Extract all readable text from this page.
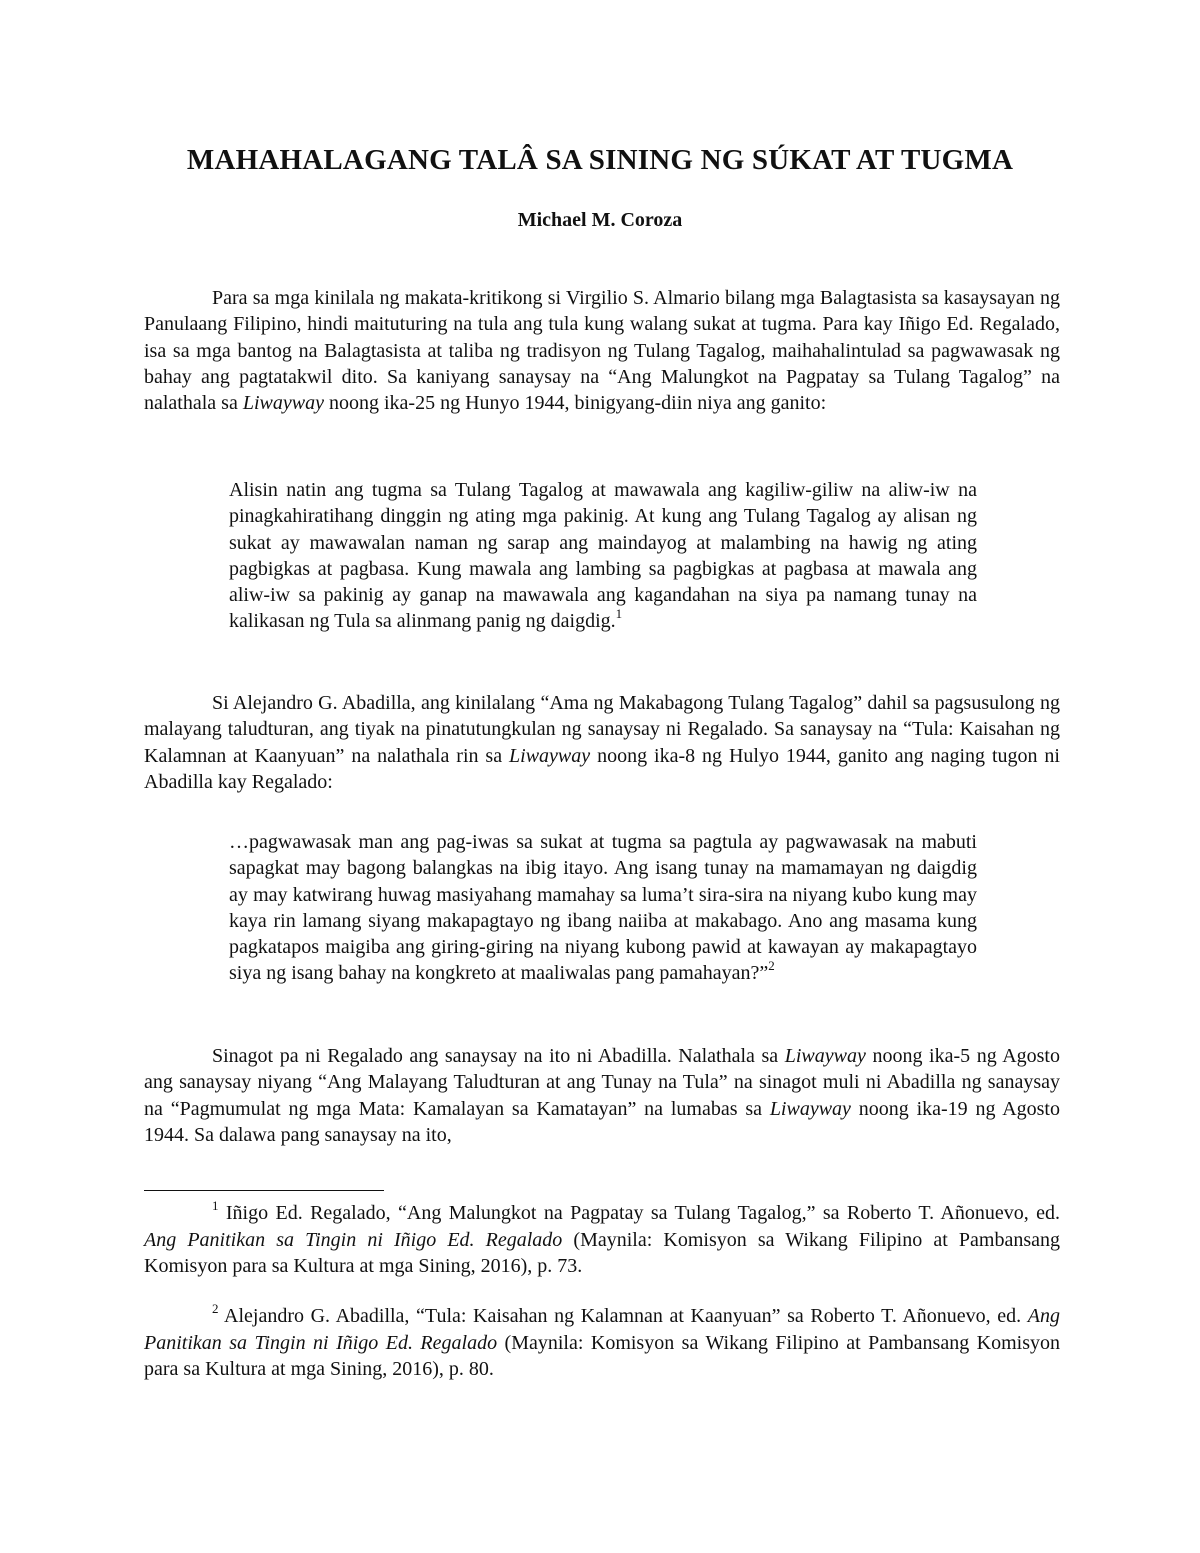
MAHAHALAGANG TALÂ SA SINING NG SÚKAT AT TUGMA
Michael M. Coroza

Para sa mga kinilala ng makata-kritikong si Virgilio S. Almario bilang mga Balagtasista sa kasaysayan ng Panulaang Filipino, hindi maituturing na tula ang tula kung walang sukat at tugma. Para kay Iñigo Ed. Regalado, isa sa mga bantog na Balagtasista at taliba ng tradisyon ng Tulang Tagalog, maihahalintulad sa pagwawasak ng bahay ang pagtatakwil dito. Sa kaniyang sanaysay na “Ang Malungkot na Pagpatay sa Tulang Tagalog” na nalathala sa Liwayway noong ika-25 ng Hunyo 1944, binigyang-diin niya ang ganito:

Alisin natin ang tugma sa Tulang Tagalog at mawawala ang kagiliw-giliw na aliw-iw na pinagkahiratihang dinggin ng ating mga pakinig. At kung ang Tulang Tagalog ay alisan ng sukat ay mawawalan naman ng sarap ang maindayog at malambing na hawig ng ating pagbigkas at pagbasa. Kung mawala ang lambing sa pagbigkas at pagbasa at mawala ang aliw-iw sa pakinig ay ganap na mawawala ang kagandahan na siya pa namang tunay na kalikasan ng Tula sa alinmang panig ng daigdig.$^1$

Si Alejandro G. Abadilla, ang kinilalang “Ama ng Makabagong Tulang Tagalog” dahil sa pagsusulong ng malayang taludturan, ang tiyak na pinatutungkulan ng sanaysay ni Regalado. Sa sanaysay na “Tula: Kaisahan ng Kalamnan at Kaanyuan” na nalathala rin sa Liwayway noong ika-8 ng Hulyo 1944, ganito ang naging tugon ni Abadilla kay Regalado:

…pagwawasak man ang pag-iwas sa sukat at tugma sa pagtula ay pagwawasak na mabuti sapagkat may bagong balangkas na ibig itayo. Ang isang tunay na mamamayan ng daigdig ay may katwirang huwag masiyahang mamahay sa luma’t sira-sira na niyang kubo kung may kaya rin lamang siyang makapagtayo ng ibang naiiba at makabago. Ano ang masama kung pagkatapos maigiba ang giring-giring na niyang kubong pawid at kawayan ay makapagtayo siya ng isang bahay na kongkreto at maaliwalas pang pamahayan?”$^2$

Sinagot pa ni Regalado ang sanaysay na ito ni Abadilla. Nalathala sa Liwayway noong ika-5 ng Agosto ang sanaysay niyang “Ang Malayang Taludturan at ang Tunay na Tula” na sinagot muli ni Abadilla ng sanaysay na “Pagmumulat ng mga Mata: Kamalayan sa Kamatayan” na lumabas sa Liwayway noong ika-19 ng Agosto 1944. Sa dalawa pang sanaysay na ito,

$^1$ Iñigo Ed. Regalado, “Ang Malungkot na Pagpatay sa Tulang Tagalog,” sa Roberto T. Añonuevo, ed. Ang Panitikan sa Tingin ni Iñigo Ed. Regalado (Maynila: Komisyon sa Wikang Filipino at Pambansang Komisyon para sa Kultura at mga Sining, 2016), p. 73.

$^2$ Alejandro G. Abadilla, “Tula: Kaisahan ng Kalamnan at Kaanyuan” sa Roberto T. Añonuevo, ed. Ang Panitikan sa Tingin ni Iñigo Ed. Regalado (Maynila: Komisyon sa Wikang Filipino at Pambansang Komisyon para sa Kultura at mga Sining, 2016), p. 80.
